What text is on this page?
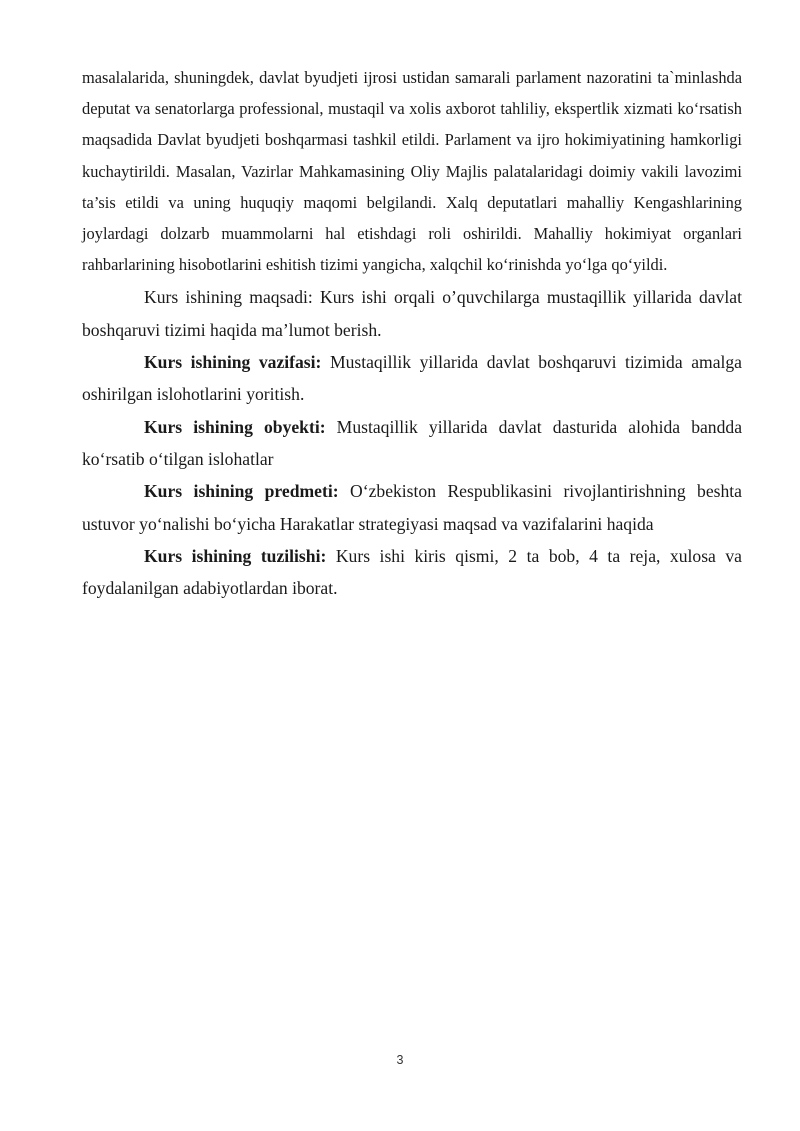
masalalarida, shuningdek, davlat byudjeti ijrosi ustidan samarali parlament nazoratini ta`minlashda deputat va senatorlarga professional, mustaqil va xolis axborot tahliliy, ekspertlik xizmati ko‘rsatish maqsadida Davlat byudjeti boshqarmasi tashkil etildi. Parlament va ijro hokimiyatining hamkorligi kuchaytirildi. Masalan, Vazirlar Mahkamasining Oliy Majlis palatalaridagi doimiy vakili lavozimi ta’sis etildi va uning huquqiy maqomi belgilandi. Xalq deputatlari mahalliy Kengashlarining joylardagi dolzarb muammolarni hal etishdagi roli oshirildi. Mahalliy hokimiyat organlari rahbarlarining hisobotlarini eshitish tizimi yangicha, xalqchil ko‘rinishda yo‘lga qo‘yildi.

Kurs ishining maqsadi: Kurs ishi orqali o’quvchilarga mustaqillik yillarida davlat boshqaruvi tizimi haqida ma’lumot berish.

Kurs ishining vazifasi: Mustaqillik yillarida davlat boshqaruvi tizimida amalga oshirilgan islohotlarini yoritish.

Kurs ishining obyekti: Mustaqillik yillarida davlat dasturida alohida bandda ko‘rsatib o‘tilgan islohatlar

Kurs ishining predmeti: O‘zbekiston Respublikasini rivojlantirishning beshta ustuvor yo‘nalishi bo‘yicha Harakatlar strategiyasi maqsad va vazifalarini haqida

Kurs ishining tuzilishi: Kurs ishi kiris qismi, 2 ta bob, 4 ta reja, xulosa va foydalanilgan adabiyotlardan iborat.

3
